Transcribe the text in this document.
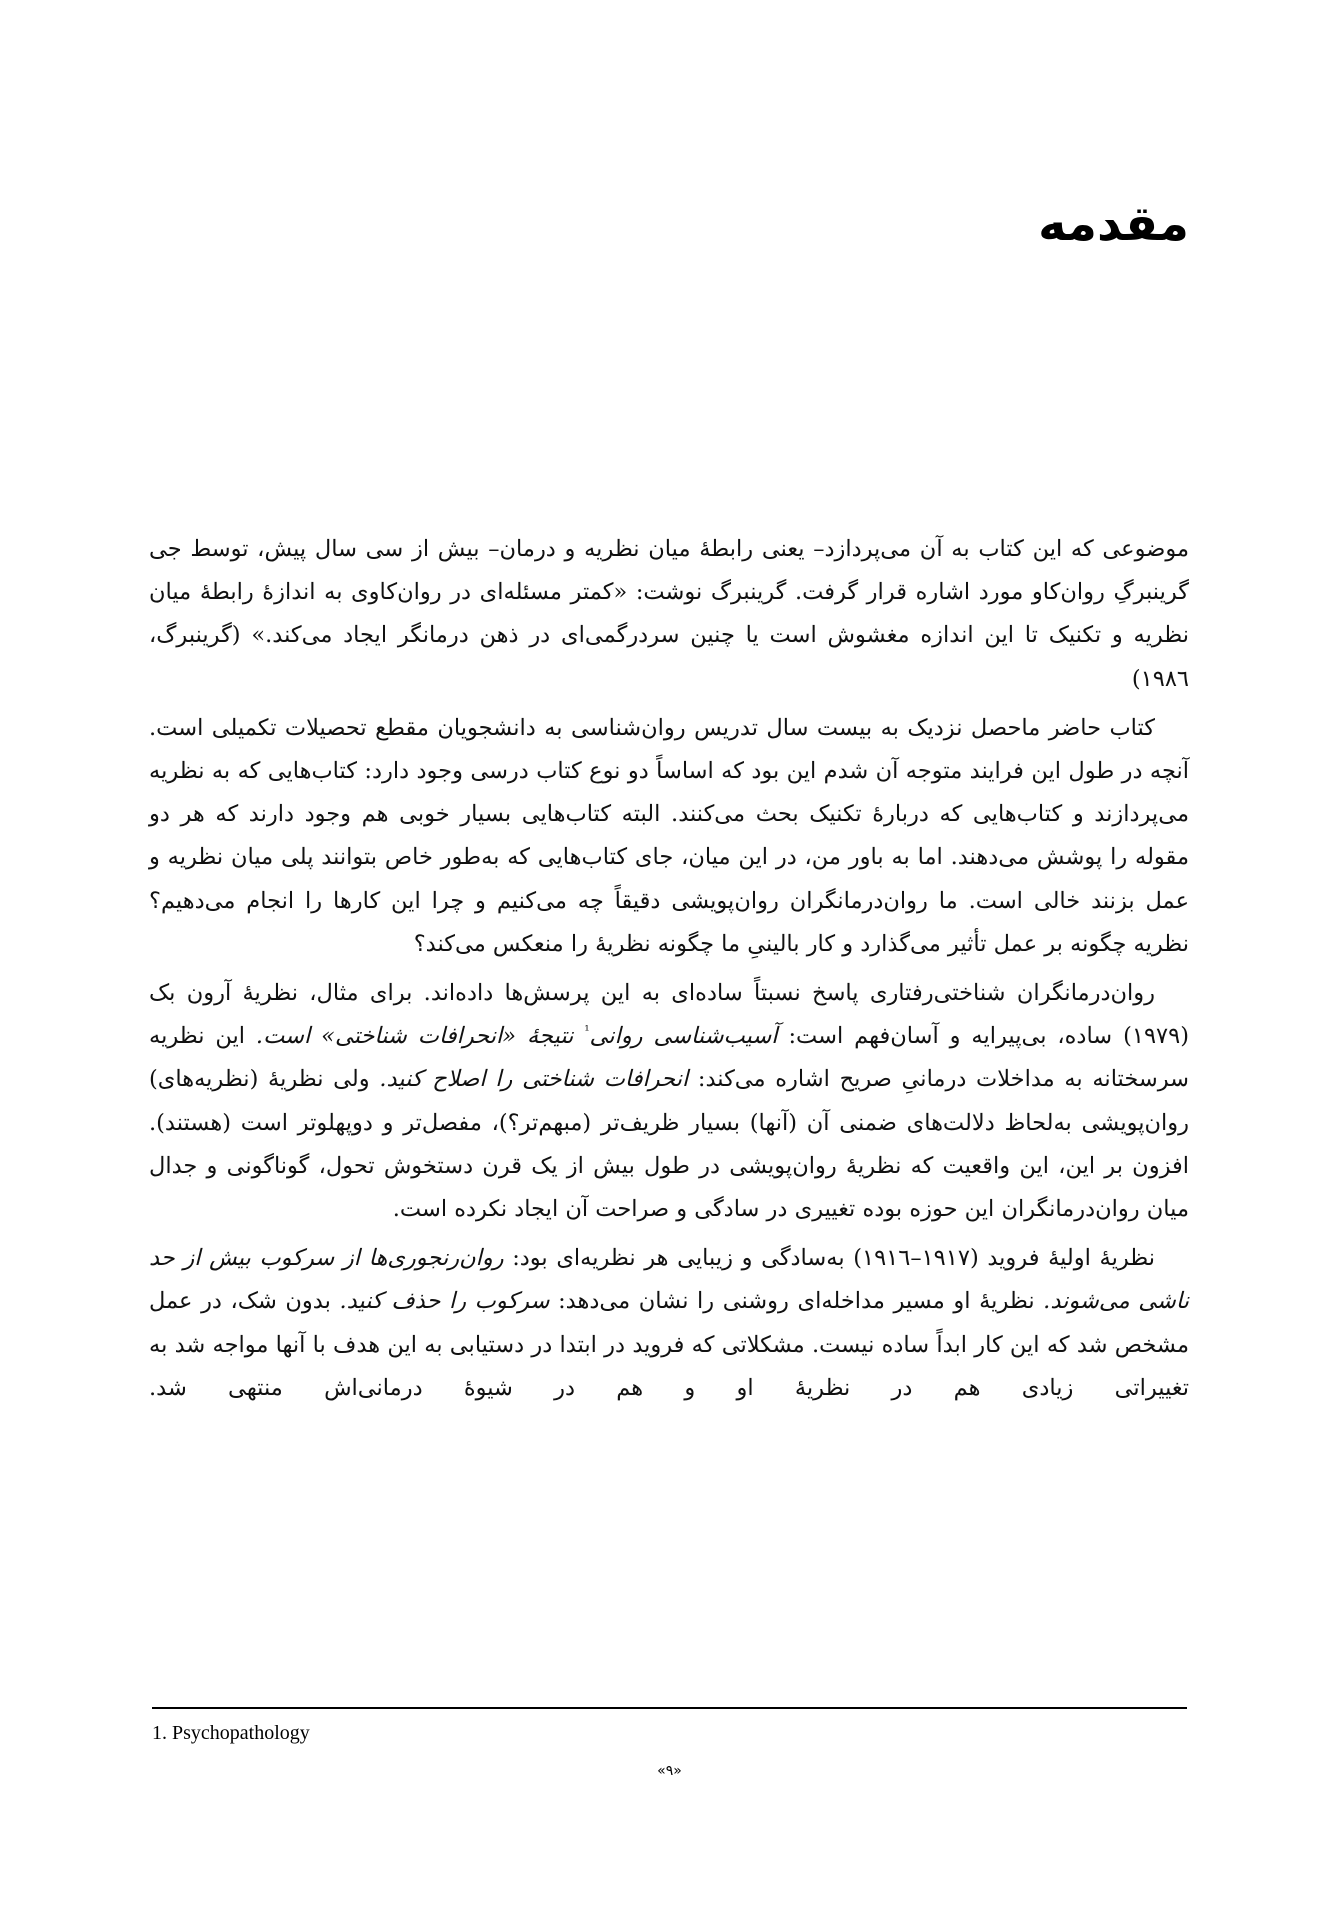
مقدمه

موضوعی که این کتاب به آن می‌پردازد– یعنی رابطهٔ میان نظریه و درمان– بیش از سی سال پیش، توسط جی گرینبرگِ روان‌کاو مورد اشاره قرار گرفت. گرینبرگ نوشت: «کمتر مسئله‌ای در روان‌کاوی به اندازهٔ رابطهٔ میان نظریه و تکنیک تا این اندازه مغشوش است یا چنین سردرگمی‌ای در ذهن درمانگر ایجاد می‌کند.» (گرینبرگ، ۱۹۸٦)

کتاب حاضر ماحصل نزدیک به بیست سال تدریس روان‌شناسی به دانشجویان مقطع تحصیلات تکمیلی است. آنچه در طول این فرایند متوجه آن شدم این بود که اساساً دو نوع کتاب درسی وجود دارد: کتاب‌هایی که به نظریه می‌پردازند و کتاب‌هایی که دربارهٔ تکنیک بحث می‌کنند. البته کتاب‌هایی بسیار خوبی هم وجود دارند که هر دو مقوله را پوشش می‌دهند. اما به باور من، در این میان، جای کتاب‌هایی که به‌طور خاص بتوانند پلی میان نظریه و عمل بزنند خالی است. ما روان‌درمانگران روان‌پویشی دقیقاً چه می‌کنیم و چرا این کارها را انجام می‌دهیم؟ نظریه چگونه بر عمل تأثیر می‌گذارد و کار بالینیِ ما چگونه نظریهٔ را منعکس می‌کند؟

روان‌درمانگران شناختی‌رفتاری پاسخ نسبتاً ساده‌ای به این پرسش‌ها داده‌اند. برای مثال، نظریهٔ آرون بک (۱۹۷۹) ساده، بی‌پیرایه و آسان‌فهم است: آسیب‌شناسی روانی$^{^1}$ نتیجهٔ «انحرافات شناختی» است. این نظریه سرسختانه به مداخلات درمانیِ صریح اشاره می‌کند: انحرافات شناختی را اصلاح کنید. ولی نظریهٔ (نظریه‌های) روان‌پویشی به‌لحاظ دلالت‌های ضمنی آن (آنها) بسیار ظریف‌تر (مبهم‌تر؟)، مفصل‌تر و دوپهلوتر است (هستند). افزون بر این، این واقعیت که نظریهٔ روان‌پویشی در طول بیش از یک قرن دستخوش تحول، گوناگونی و جدال میان روان‌درمانگران این حوزه بوده تغییری در سادگی و صراحت آن ایجاد نکرده است.

نظریهٔ اولیهٔ فروید (۱۹۱۷–۱۹۱٦) به‌سادگی و زیبایی هر نظریه‌ای بود: روان‌رنجوری‌ها از سرکوب بیش از حد ناشی می‌شوند. نظریهٔ او مسیر مداخله‌ای روشنی را نشان می‌دهد: سرکوب را حذف کنید. بدون شک، در عمل مشخص شد که این کار ابداً ساده نیست. مشکلاتی که فروید در ابتدا در دستیابی به این هدف با آنها مواجه شد به تغییراتی زیادی هم در نظریهٔ او و هم در شیوهٔ درمانی‌اش منتهی شد.

1. Psychopathology
«۹»
